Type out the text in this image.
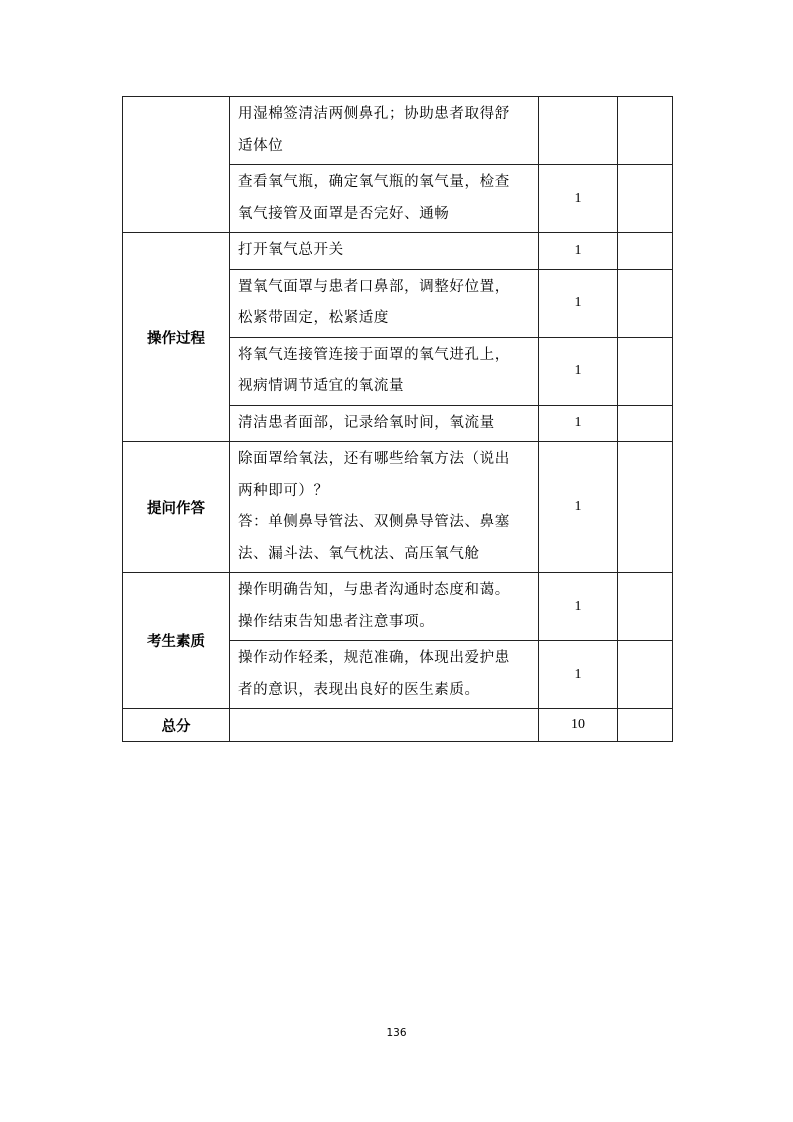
	用湿棉签清洁两侧鼻孔；协助患者取得舒
适体位		

	查看氧气瓶，确定氧气瓶的氧气量，检查
氧气接管及面罩是否完好、通畅	1	
操作过程	打开氧气总开关	1	

	置氧气面罩与患者口鼻部，调整好位置，
松紧带固定，松紧适度	1	

	将氧气连接管连接于面罩的氧气进孔上，
视病情调节适宜的氧流量	1	

	清洁患者面部，记录给氧时间，氧流量	1	
提问作答	除面罩给氧法，还有哪些给氧方法（说出
两种即可）？
答：单侧鼻导管法、双侧鼻导管法、鼻塞
法、漏斗法、氧气枕法、高压氧气舱	1	
考生素质	操作明确告知，与患者沟通时态度和蔼。
操作结束告知患者注意事项。	1	

	操作动作轻柔，规范准确，体现出爱护患
者的意识，表现出良好的医生素质。	1	
总分		10	
136
